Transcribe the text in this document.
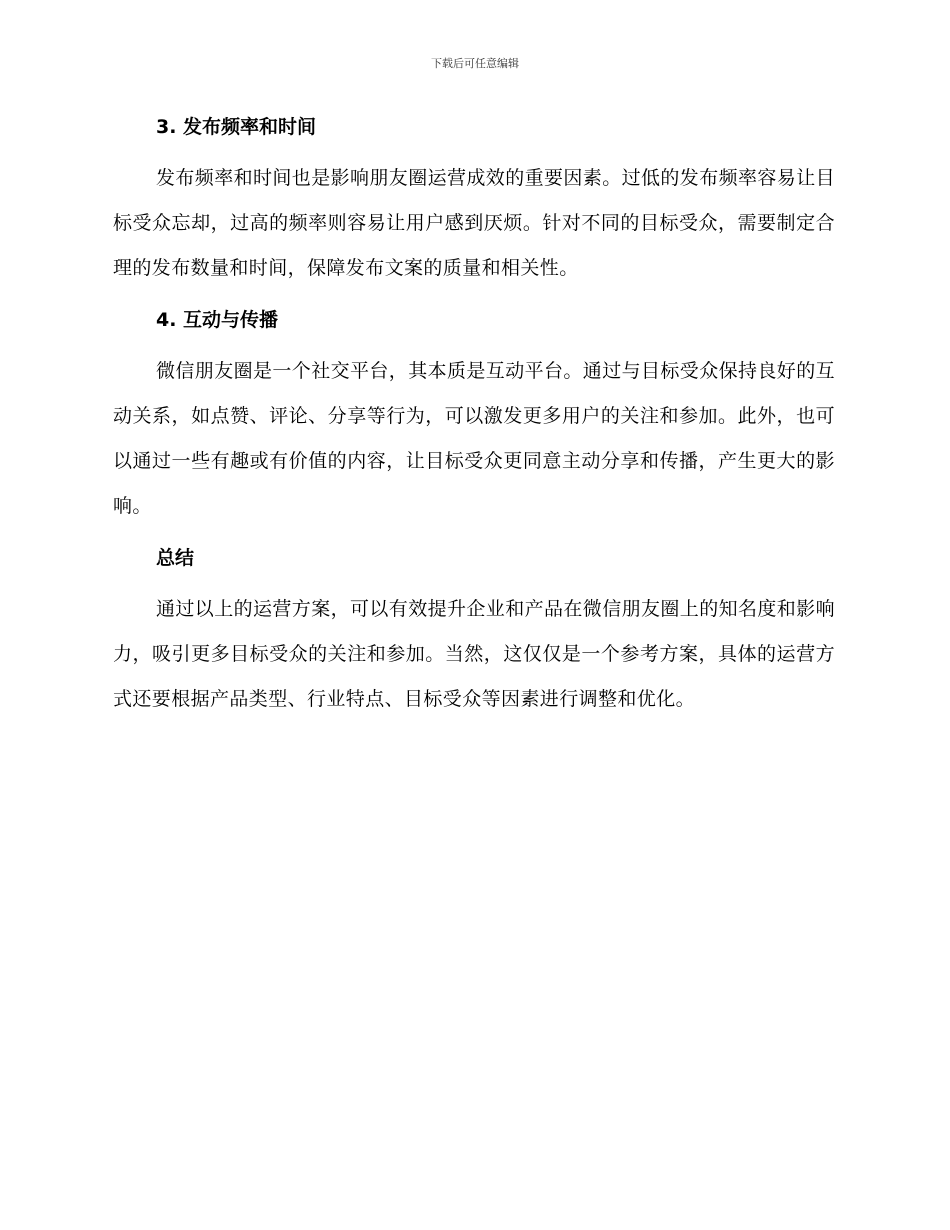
下载后可任意编辑
3. 发布频率和时间

发布频率和时间也是影响朋友圈运营成效的重要因素。过低的发布频率容易让目标受众忘却，过高的频率则容易让用户感到厌烦。针对不同的目标受众，需要制定合理的发布数量和时间，保障发布文案的质量和相关性。

4. 互动与传播

微信朋友圈是一个社交平台，其本质是互动平台。通过与目标受众保持良好的互动关系，如点赞、评论、分享等行为，可以激发更多用户的关注和参加。此外，也可以通过一些有趣或有价值的内容，让目标受众更同意主动分享和传播，产生更大的影响。

总结

通过以上的运营方案，可以有效提升企业和产品在微信朋友圈上的知名度和影响力，吸引更多目标受众的关注和参加。当然，这仅仅是一个参考方案，具体的运营方式还要根据产品类型、行业特点、目标受众等因素进行调整和优化。
